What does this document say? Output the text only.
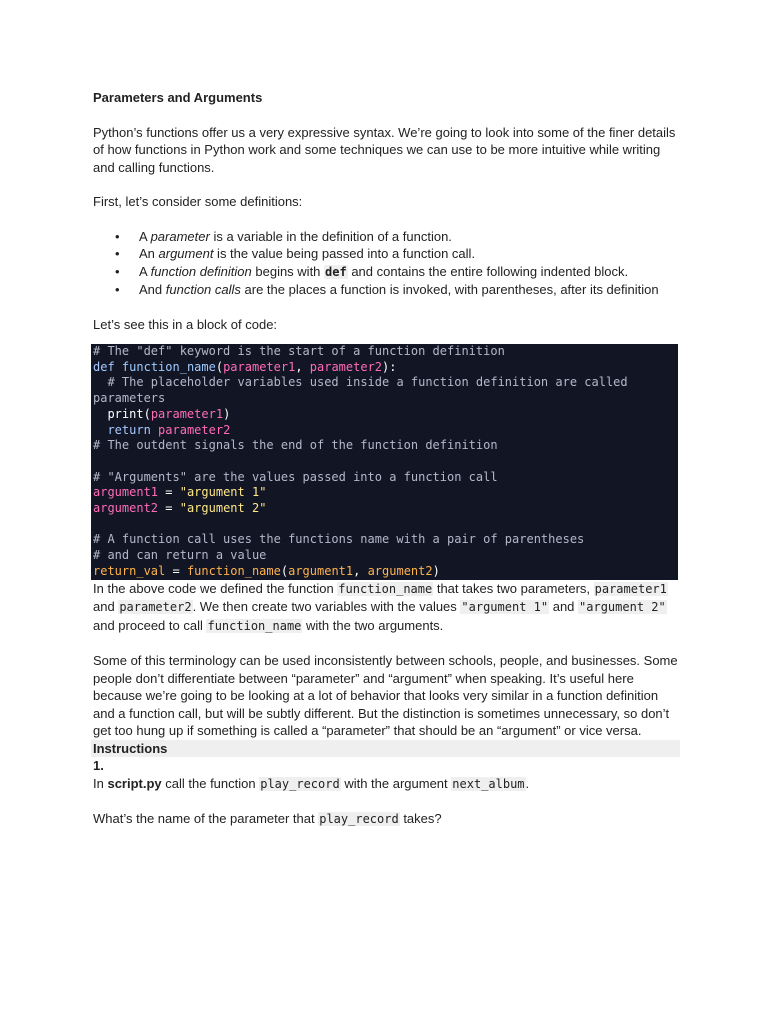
Parameters and Arguments

Python’s functions offer us a very expressive syntax. We’re going to look into some of the finer details of how functions in Python work and some techniques we can use to be more intuitive while writing and calling functions.

First, let’s consider some definitions:

• A parameter is a variable in the definition of a function.
• An argument is the value being passed into a function call.
• A function definition begins with def and contains the entire following indented block.
• And function calls are the places a function is invoked, with parentheses, after its definition

Let’s see this in a block of code:

# The "def" keyword is the start of a function definition
def function_name(parameter1, parameter2):
# The placeholder variables used inside a function definition are called parameters
print(parameter1)
return parameter2
# The outdent signals the end of the function definition

# "Arguments" are the values passed into a function call
argument1 = "argument 1"
argument2 = "argument 2"

# A function call uses the functions name with a pair of parentheses
# and can return a value
return_val = function_name(argument1, argument2)

In the above code we defined the function function_name that takes two parameters, parameter1 and parameter2. We then create two variables with the values "argument 1" and "argument 2" and proceed to call function_name with the two arguments.

Some of this terminology can be used inconsistently between schools, people, and businesses. Some people don’t differentiate between “parameter” and “argument” when speaking. It’s useful here because we’re going to be looking at a lot of behavior that looks very similar in a function definition and a function call, but will be subtly different. But the distinction is sometimes unnecessary, so don’t get too hung up if something is called a “parameter” that should be an “argument” or vice versa.

Instructions

1.

In script.py call the function play_record with the argument next_album.

What’s the name of the parameter that play_record takes?
